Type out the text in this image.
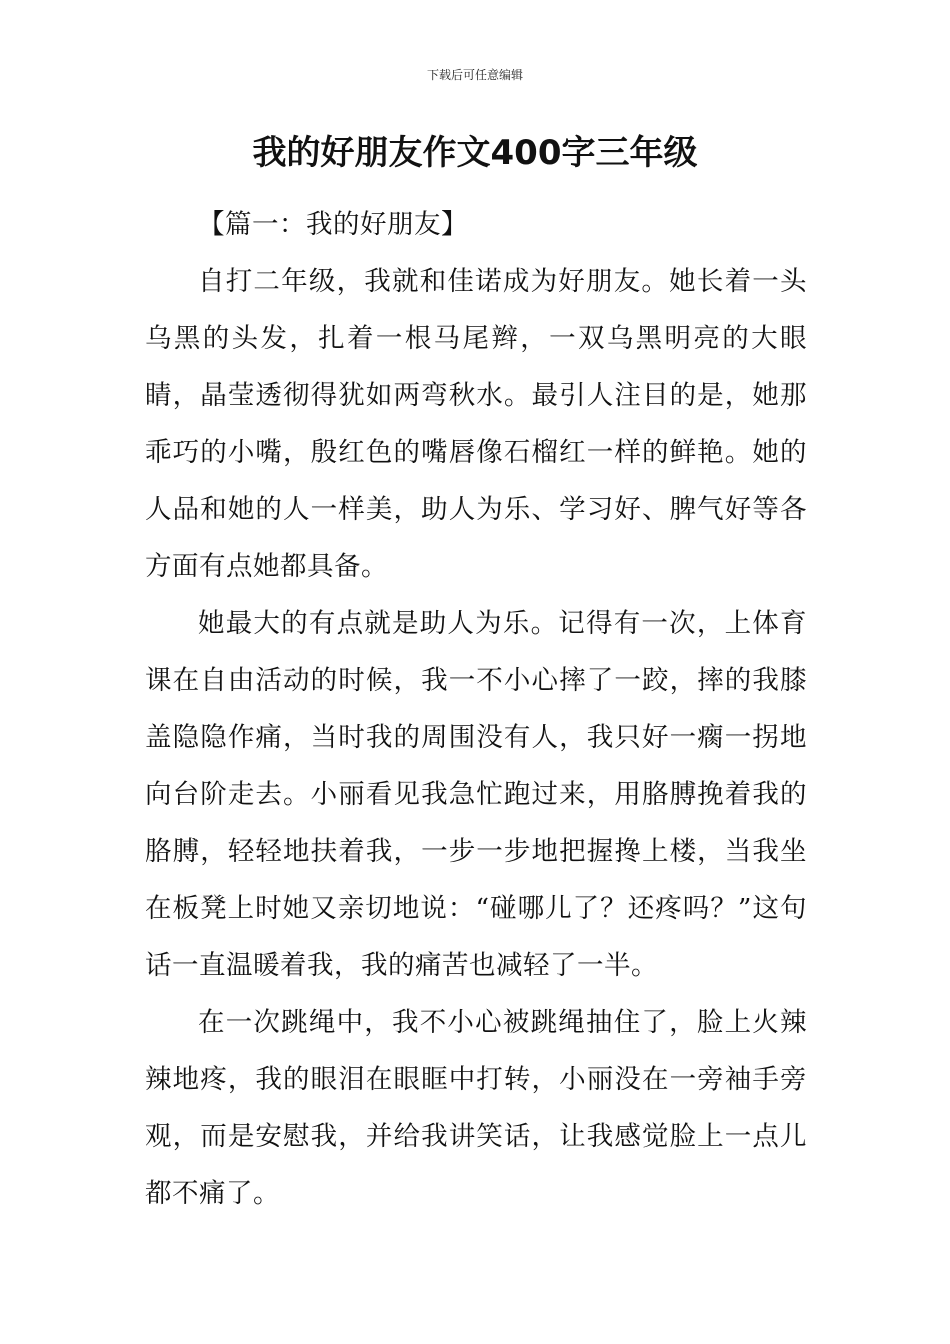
下载后可任意编辑
我的好朋友作文400字三年级

【篇一：我的好朋友】

自打二年级，我就和佳诺成为好朋友。她长着一头乌黑的头发，扎着一根马尾辫，一双乌黑明亮的大眼睛，晶莹透彻得犹如两弯秋水。最引人注目的是，她那乖巧的小嘴，殷红色的嘴唇像石榴红一样的鲜艳。她的人品和她的人一样美，助人为乐、学习好、脾气好等各方面有点她都具备。

她最大的有点就是助人为乐。记得有一次，上体育课在自由活动的时候，我一不小心摔了一跤，摔的我膝盖隐隐作痛，当时我的周围没有人，我只好一瘸一拐地向台阶走去。小丽看见我急忙跑过来，用胳膊挽着我的胳膊，轻轻地扶着我，一步一步地把握搀上楼，当我坐在板凳上时她又亲切地说：“碰哪儿了？还疼吗？”这句话一直温暖着我，我的痛苦也减轻了一半。

在一次跳绳中，我不小心被跳绳抽住了，脸上火辣辣地疼，我的眼泪在眼眶中打转，小丽没在一旁袖手旁观，而是安慰我，并给我讲笑话，让我感觉脸上一点儿都不痛了。
